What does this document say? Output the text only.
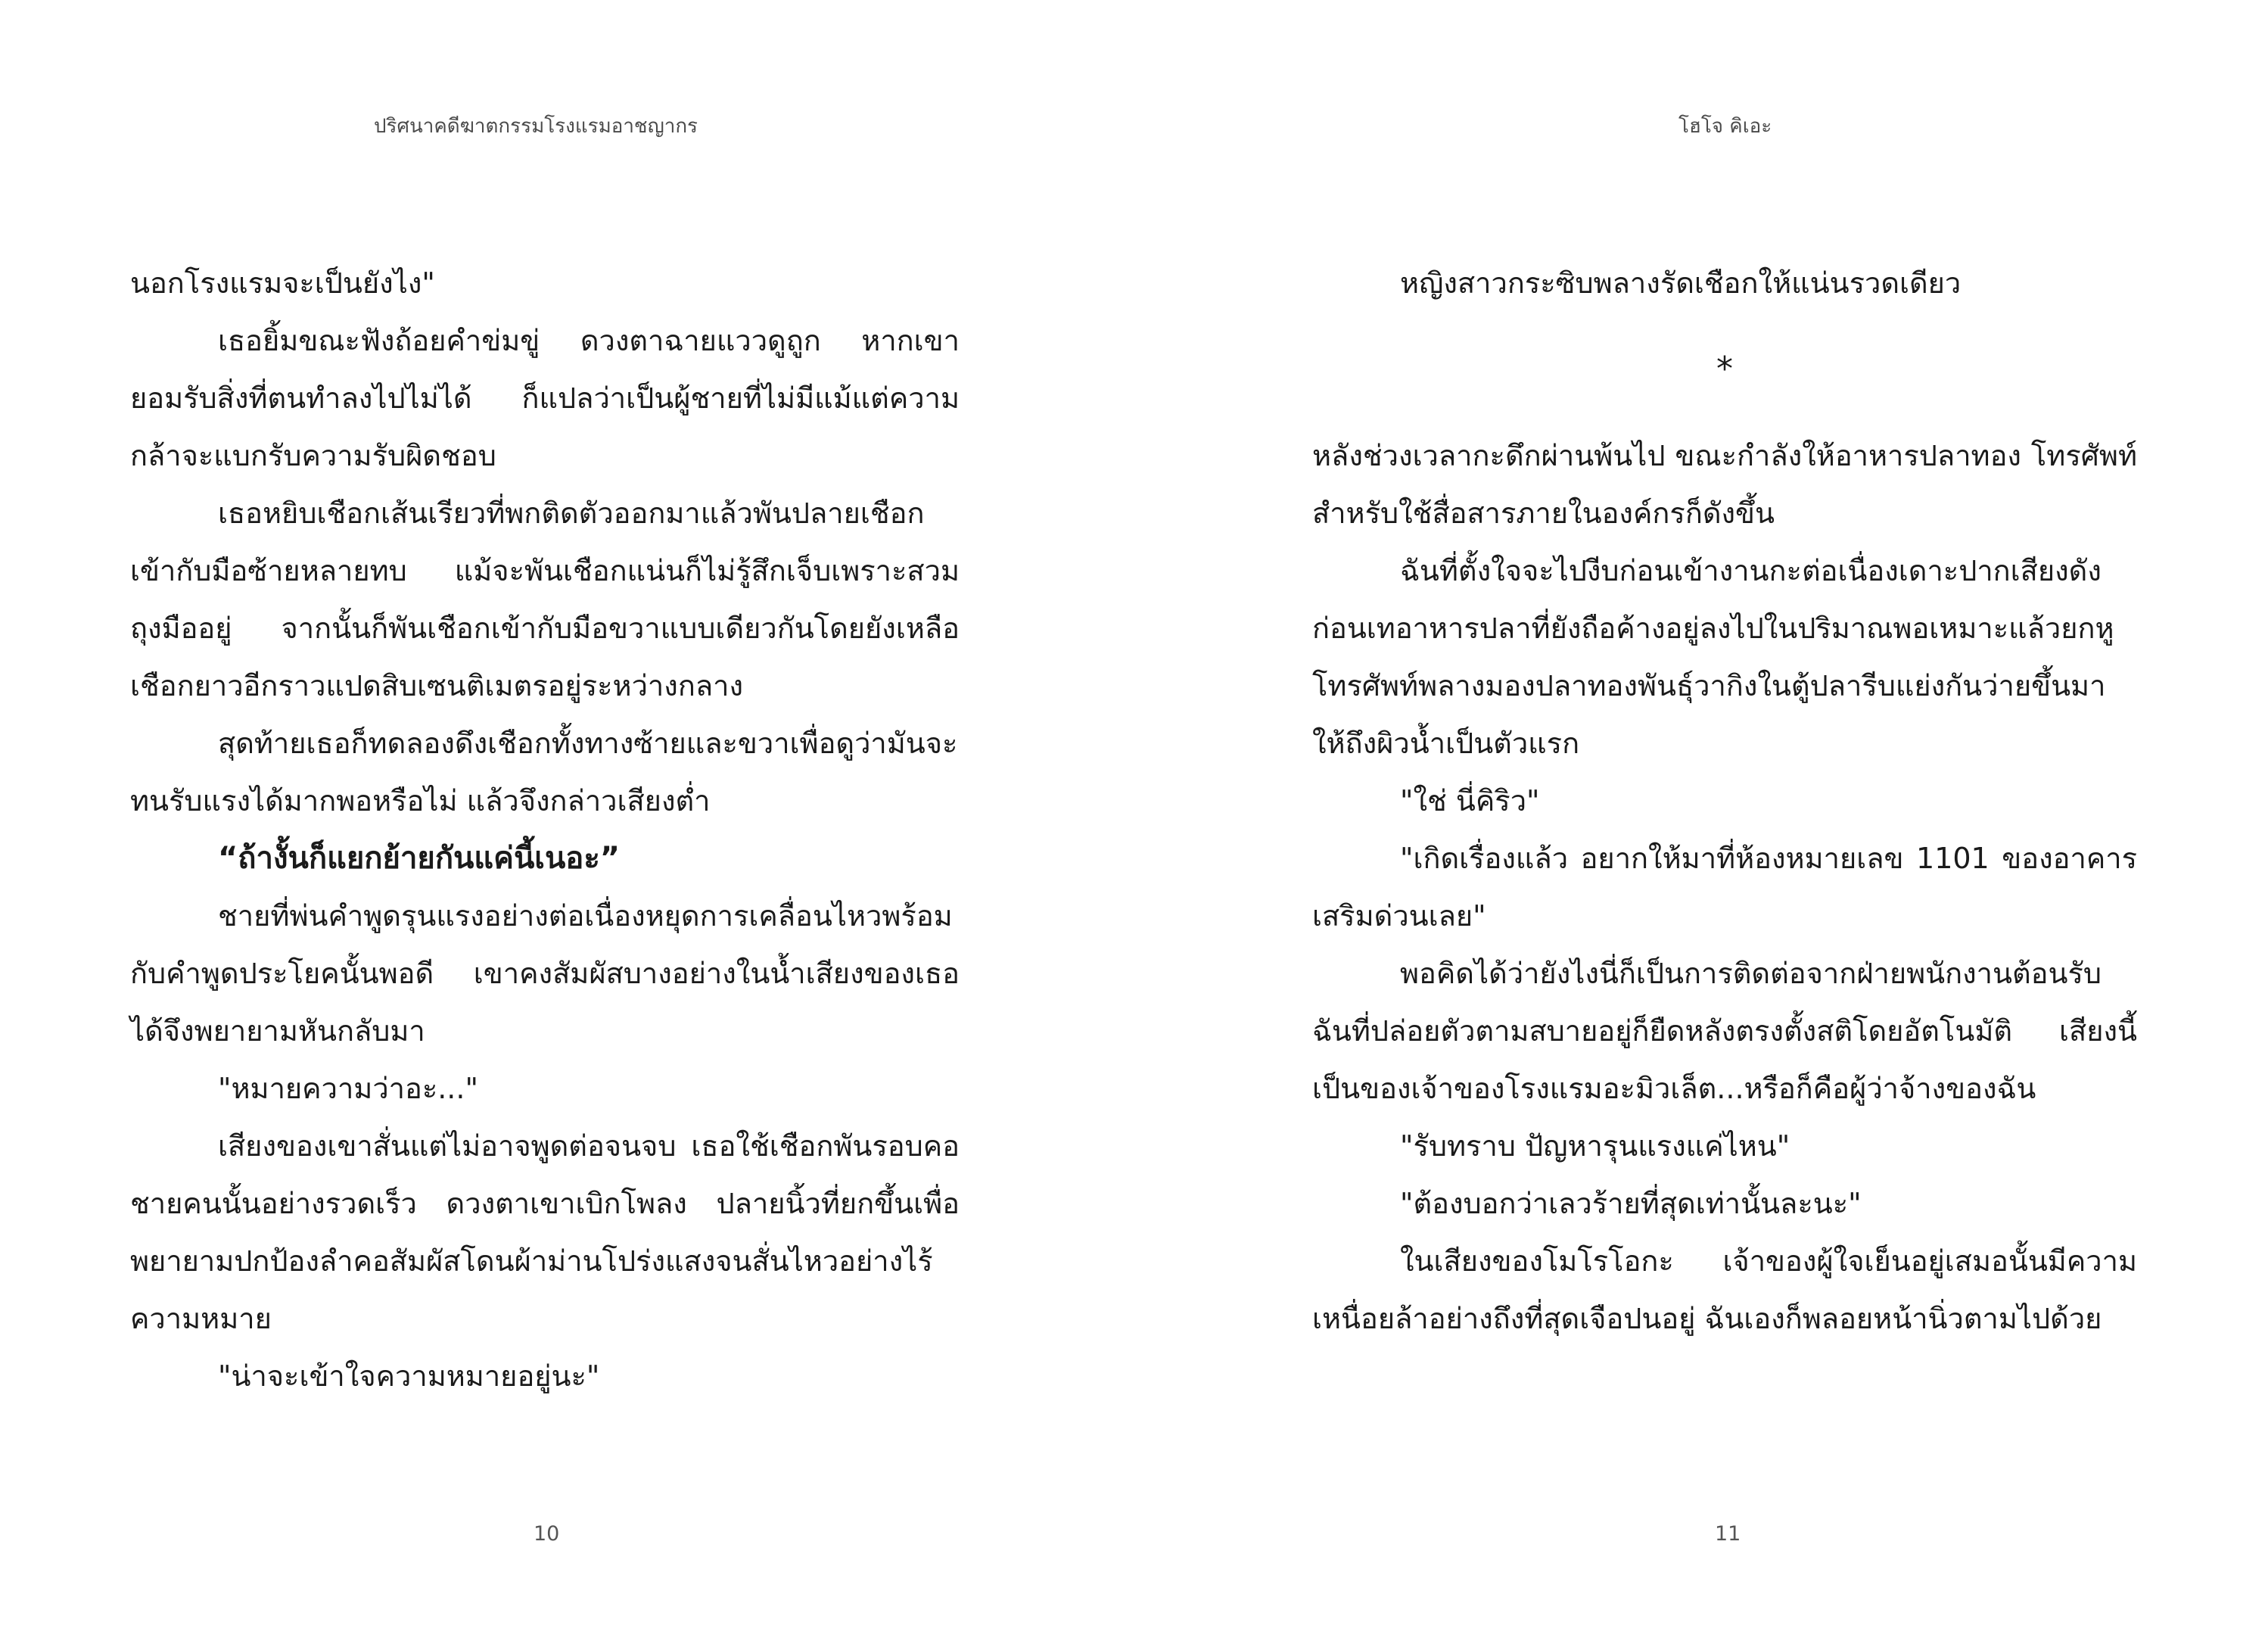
ปริศนาคดีฆาตกรรมโรงแรมอาชญากร

นอกโรงแรมจะเป็นยังไง"

เธอยิ้มขณะฟังถ้อยคำข่มขู่ ดวงตาฉายแววดูถูก หากเขายอมรับสิ่งที่ตนทำลงไปไม่ได้ ก็แปลว่าเป็นผู้ชายที่ไม่มีแม้แต่ความกล้าจะแบกรับความรับผิดชอบ

เธอหยิบเชือกเส้นเรียวที่พกติดตัวออกมาแล้วพันปลายเชือกเข้ากับมือซ้ายหลายทบ แม้จะพันเชือกแน่นก็ไม่รู้สึกเจ็บเพราะสวมถุงมืออยู่ จากนั้นก็พันเชือกเข้ากับมือขวาแบบเดียวกันโดยยังเหลือเชือกยาวอีกราวแปดสิบเซนติเมตรอยู่ระหว่างกลาง

สุดท้ายเธอก็ทดลองดึงเชือกทั้งทางซ้ายและขวาเพื่อดูว่ามันจะทนรับแรงได้มากพอหรือไม่ แล้วจึงกล่าวเสียงต่ำ

“ถ้างั้นก็แยกย้ายกันแค่นี้เนอะ”

ชายที่พ่นคำพูดรุนแรงอย่างต่อเนื่องหยุดการเคลื่อนไหวพร้อมกับคำพูดประโยคนั้นพอดี เขาคงสัมผัสบางอย่างในน้ำเสียงของเธอได้จึงพยายามหันกลับมา

"หมายความว่าอะ..."

เสียงของเขาสั่นแต่ไม่อาจพูดต่อจนจบ เธอใช้เชือกพันรอบคอชายคนนั้นอย่างรวดเร็ว ดวงตาเขาเบิกโพลง ปลายนิ้วที่ยกขึ้นเพื่อพยายามปกป้องลำคอสัมผัสโดนผ้าม่านโปร่งแสงจนสั่นไหวอย่างไร้ความหมาย

"น่าจะเข้าใจความหมายอยู่นะ"

10
โฮโจ คิเอะ

หญิงสาวกระซิบพลางรัดเชือกให้แน่นรวดเดียว

*

หลังช่วงเวลากะดึกผ่านพ้นไป ขณะกำลังให้อาหารปลาทอง โทรศัพท์สำหรับใช้สื่อสารภายในองค์กรก็ดังขึ้น

ฉันที่ตั้งใจจะไปงีบก่อนเข้างานกะต่อเนื่องเดาะปากเสียงดังก่อนเทอาหารปลาที่ยังถือค้างอยู่ลงไปในปริมาณพอเหมาะแล้วยกหูโทรศัพท์พลางมองปลาทองพันธุ์วากิงในตู้ปลารีบแย่งกันว่ายขึ้นมาให้ถึงผิวน้ำเป็นตัวแรก

"ใช่ นี่คิริว"

"เกิดเรื่องแล้ว อยากให้มาที่ห้องหมายเลข 1101 ของอาคารเสริมด่วนเลย"

พอคิดได้ว่ายังไงนี่ก็เป็นการติดต่อจากฝ่ายพนักงานต้อนรับ ฉันที่ปล่อยตัวตามสบายอยู่ก็ยืดหลังตรงตั้งสติโดยอัตโนมัติ เสียงนี้เป็นของเจ้าของโรงแรมอะมิวเล็ต...หรือก็คือผู้ว่าจ้างของฉัน

"รับทราบ ปัญหารุนแรงแค่ไหน"

"ต้องบอกว่าเลวร้ายที่สุดเท่านั้นละนะ"

ในเสียงของโมโรโอกะ เจ้าของผู้ใจเย็นอยู่เสมอนั้นมีความเหนื่อยล้าอย่างถึงที่สุดเจือปนอยู่ ฉันเองก็พลอยหน้านิ่วตามไปด้วย

11
